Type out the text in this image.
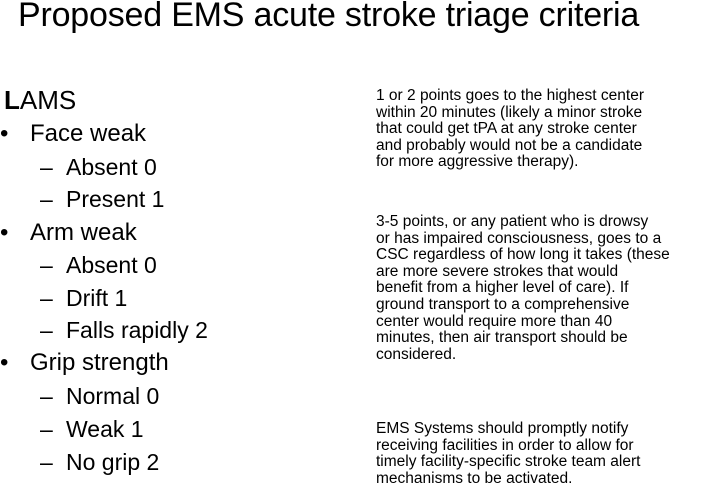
Proposed EMS acute stroke triage criteria
LAMS
• Face weak
– Absent 0
– Present 1
• Arm weak
– Absent 0
– Drift 1
– Falls rapidly 2
• Grip strength
– Normal 0
– Weak 1
– No grip 2
1 or 2 points goes to the highest center
within 20 minutes (likely a minor stroke
that could get tPA at any stroke center
and probably would not be a candidate
for more aggressive therapy).
3-5 points, or any patient who is drowsy
or has impaired consciousness, goes to a
CSC regardless of how long it takes (these
are more severe strokes that would
benefit from a higher level of care). If
ground transport to a comprehensive
center would require more than 40
minutes, then air transport should be
considered.
EMS Systems should promptly notify
receiving facilities in order to allow for
timely facility-specific stroke team alert
mechanisms to be activated.
